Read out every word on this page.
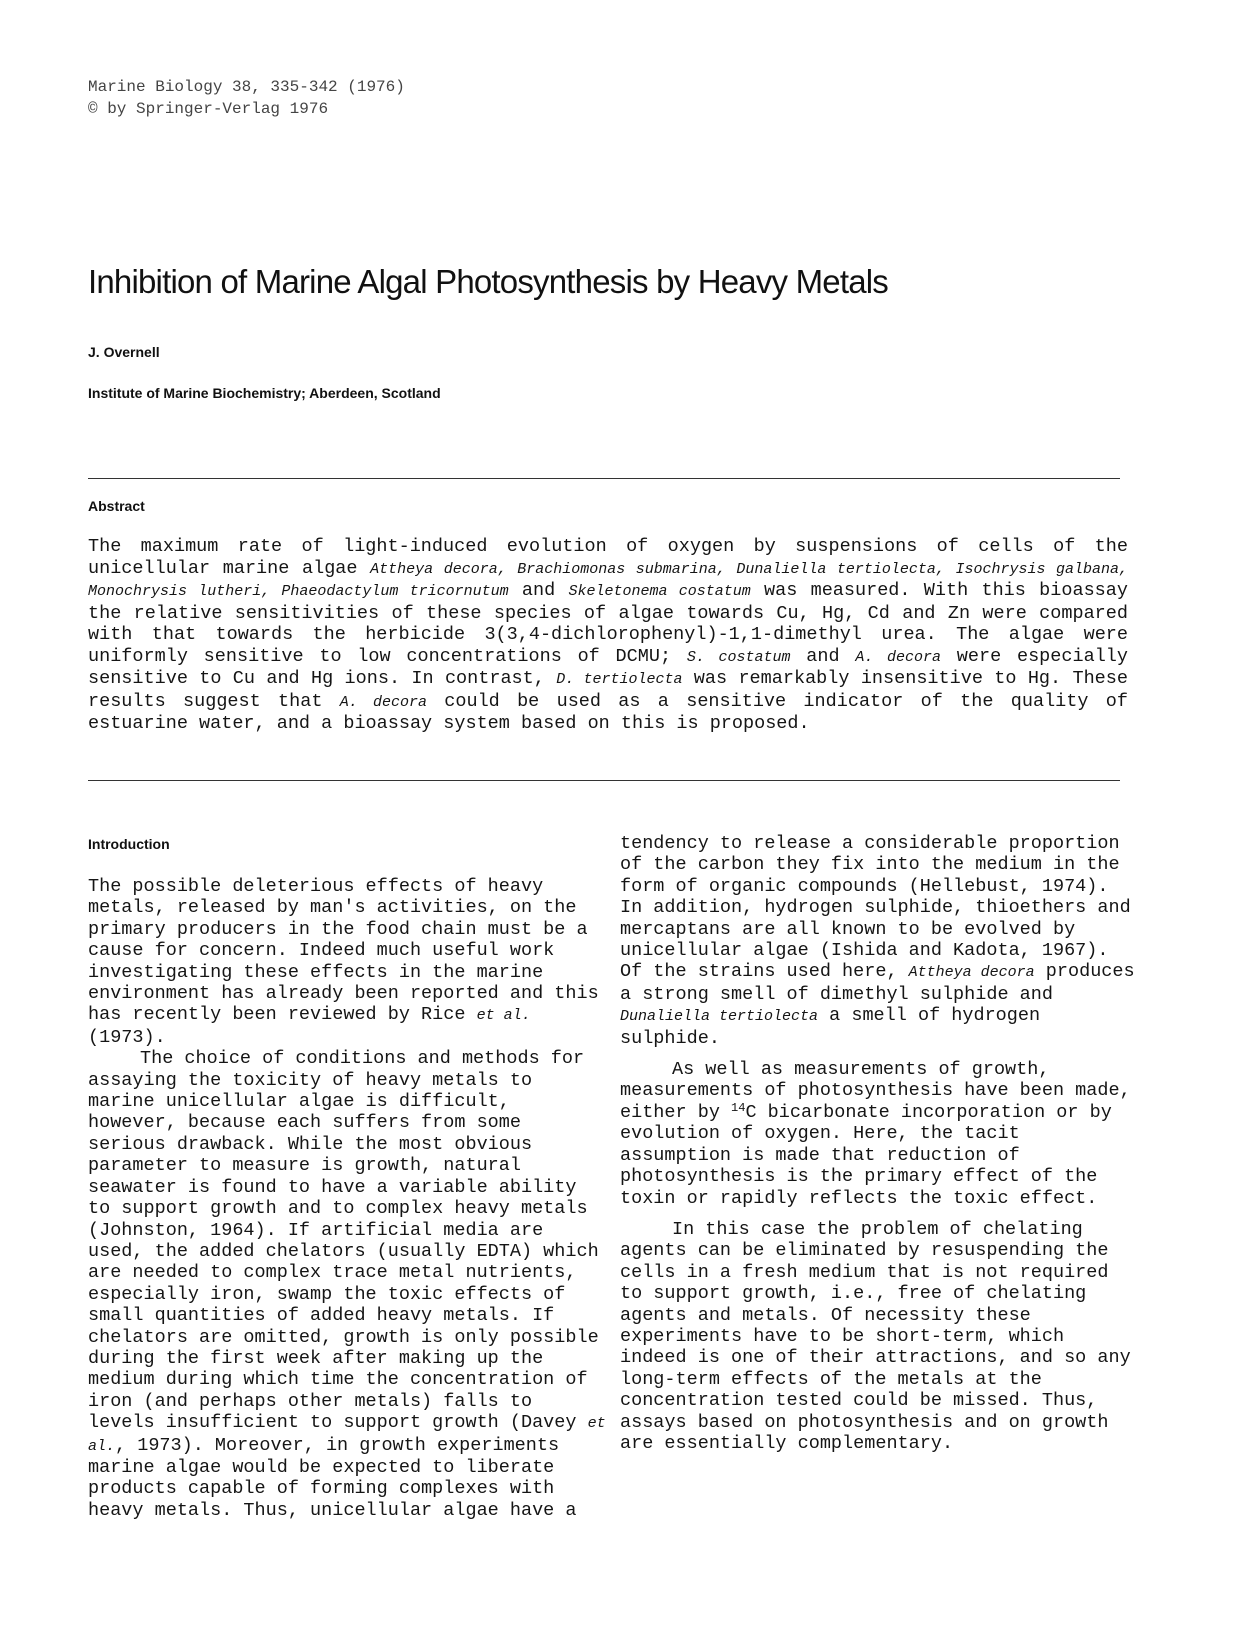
Marine Biology 38, 335-342 (1976)
© by Springer-Verlag 1976
Inhibition of Marine Algal Photosynthesis by Heavy Metals
J. Overnell
Institute of Marine Biochemistry; Aberdeen, Scotland
Abstract

The maximum rate of light-induced evolution of oxygen by suspensions of cells of the unicellular marine algae Attheya decora, Brachiomonas submarina, Dunaliella tertiolecta, Isochrysis galbana, Monochrysis lutheri, Phaeodactylum tricornutum and Skeletonema costatum was measured. With this bioassay the relative sensitivities of these species of algae towards Cu, Hg, Cd and Zn were compared with that towards the herbicide 3(3,4-dichlorophenyl)-1,1-dimethyl urea. The algae were uniformly sensitive to low concentrations of DCMU; S. costatum and A. decora were especially sensitive to Cu and Hg ions. In contrast, D. tertiolecta was remarkably insensitive to Hg. These results suggest that A. decora could be used as a sensitive indicator of the quality of estuarine water, and a bioassay system based on this is proposed.

Introduction

The possible deleterious effects of heavy metals, released by man's activities, on the primary producers in the food chain must be a cause for concern. Indeed much useful work investigating these effects in the marine environment has already been reported and this has recently been reviewed by Rice et al. (1973).

The choice of conditions and methods for assaying the toxicity of heavy metals to marine unicellular algae is difficult, however, because each suffers from some serious drawback. While the most obvious parameter to measure is growth, natural seawater is found to have a variable ability to support growth and to complex heavy metals (Johnston, 1964). If artificial media are used, the added chelators (usually EDTA) which are needed to complex trace metal nutrients, especially iron, swamp the toxic effects of small quantities of added heavy metals. If chelators are omitted, growth is only possible during the first week after making up the medium during which time the concentration of iron (and perhaps other metals) falls to levels insufficient to support growth (Davey et al., 1973). Moreover, in growth experiments marine algae would be expected to liberate products capable of forming complexes with heavy metals. Thus, unicellular algae have a

tendency to release a considerable proportion of the carbon they fix into the medium in the form of organic compounds (Hellebust, 1974). In addition, hydrogen sulphide, thioethers and mercaptans are all known to be evolved by unicellular algae (Ishida and Kadota, 1967). Of the strains used here, Attheya decora produces a strong smell of dimethyl sulphide and Dunaliella tertiolecta a smell of hydrogen sulphide.

As well as measurements of growth, measurements of photosynthesis have been made, either by $^{14}$C bicarbonate incorporation or by evolution of oxygen. Here, the tacit assumption is made that reduction of photosynthesis is the primary effect of the toxin or rapidly reflects the toxic effect.

In this case the problem of chelating agents can be eliminated by resuspending the cells in a fresh medium that is not required to support growth, i.e., free of chelating agents and metals. Of necessity these experiments have to be short-term, which indeed is one of their attractions, and so any long-term effects of the metals at the concentration tested could be missed. Thus, assays based on photosynthesis and on growth are essentially complementary.
